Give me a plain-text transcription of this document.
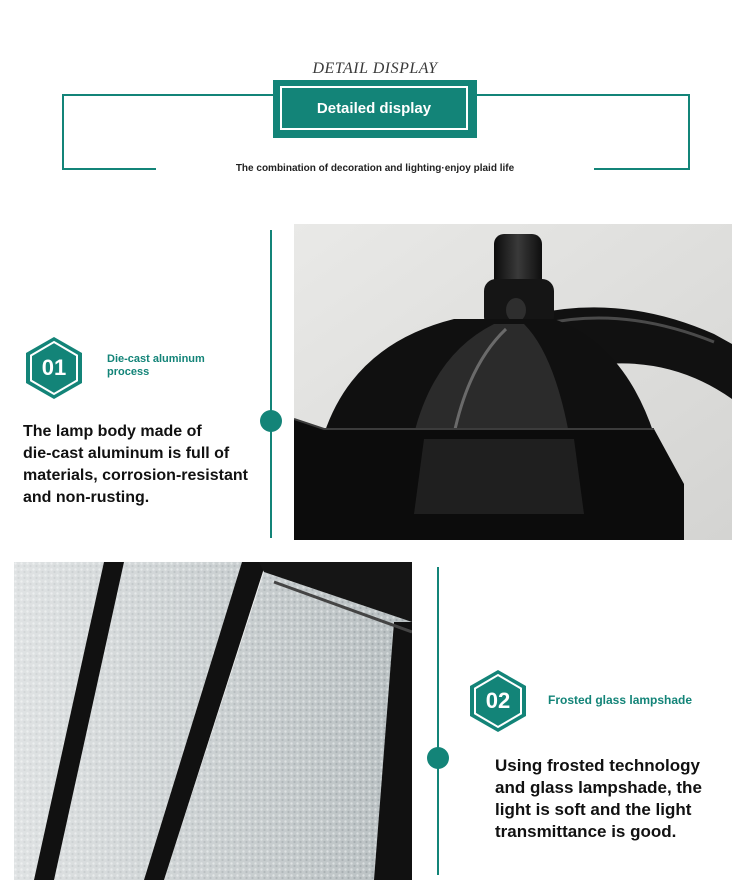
DETAIL DISPLAY
Detailed display
The combination of decoration and lighting·enjoy plaid life
01	Die-cast aluminum
process
The lamp body made of
die-cast aluminum is full of
materials, corrosion-resistant
and non-rusting.
02	Frosted glass lampshade
Using frosted technology
and glass lampshade, the
light is soft and the light
transmittance is good.
